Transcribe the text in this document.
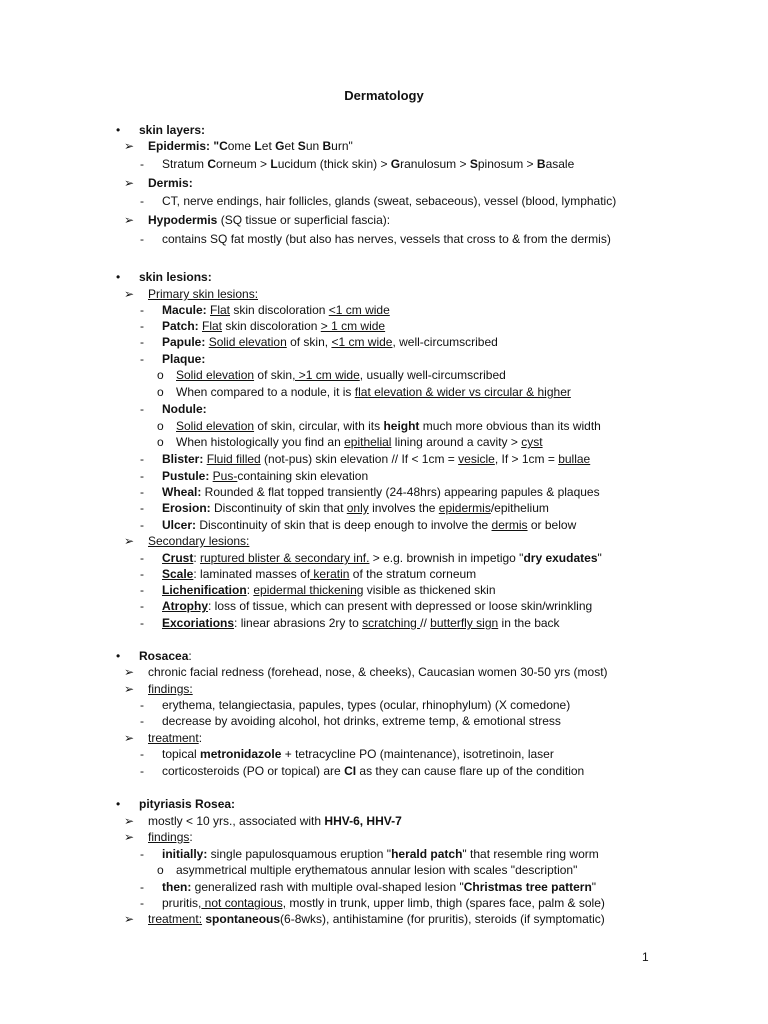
Dermatology
• skin layers:
➢ Epidermis: "Come Let Get Sun Burn"
- Stratum Corneum > Lucidum (thick skin) > Granulosum > Spinosum > Basale
➢ Dermis:
- CT, nerve endings, hair follicles, glands (sweat, sebaceous), vessel (blood, lymphatic)
➢ Hypodermis (SQ tissue or superficial fascia):
- contains SQ fat mostly (but also has nerves, vessels that cross to & from the dermis)
• skin lesions:
➢ Primary skin lesions:
- Macule: Flat skin discoloration <1 cm wide
- Patch: Flat skin discoloration > 1 cm wide
- Papule: Solid elevation of skin, <1 cm wide, well-circumscribed
- Plaque:
o Solid elevation of skin, >1 cm wide, usually well-circumscribed
o When compared to a nodule, it is flat elevation & wider vs circular & higher
- Nodule:
o Solid elevation of skin, circular, with its height much more obvious than its width
o When histologically you find an epithelial lining around a cavity > cyst
- Blister: Fluid filled (not-pus) skin elevation // If < 1cm = vesicle, If > 1cm = bullae
- Pustule: Pus-containing skin elevation
- Wheal: Rounded & flat topped transiently (24-48hrs) appearing papules & plaques
- Erosion: Discontinuity of skin that only involves the epidermis/epithelium
- Ulcer: Discontinuity of skin that is deep enough to involve the dermis or below
➢ Secondary lesions:
- Crust: ruptured blister & secondary inf. > e.g. brownish in impetigo "dry exudates"
- Scale: laminated masses of keratin of the stratum corneum
- Lichenification: epidermal thickening visible as thickened skin
- Atrophy: loss of tissue, which can present with depressed or loose skin/wrinkling
- Excoriations: linear abrasions 2ry to scratching // butterfly sign in the back
• Rosacea:
➢ chronic facial redness (forehead, nose, & cheeks), Caucasian women 30-50 yrs (most)
➢ findings:
- erythema, telangiectasia, papules, types (ocular, rhinophylum) (X comedone)
- decrease by avoiding alcohol, hot drinks, extreme temp, & emotional stress
➢ treatment:
- topical metronidazole + tetracycline PO (maintenance), isotretinoin, laser
- corticosteroids (PO or topical) are CI as they can cause flare up of the condition
• pityriasis Rosea:
➢ mostly < 10 yrs., associated with HHV-6, HHV-7
➢ findings:
- initially: single papulosquamous eruption "herald patch" that resemble ring worm
o asymmetrical multiple erythematous annular lesion with scales "description"
- then: generalized rash with multiple oval-shaped lesion "Christmas tree pattern"
- pruritis, not contagious, mostly in trunk, upper limb, thigh (spares face, palm & sole)
➢ treatment: spontaneous(6-8wks), antihistamine (for pruritis), steroids (if symptomatic)
1
